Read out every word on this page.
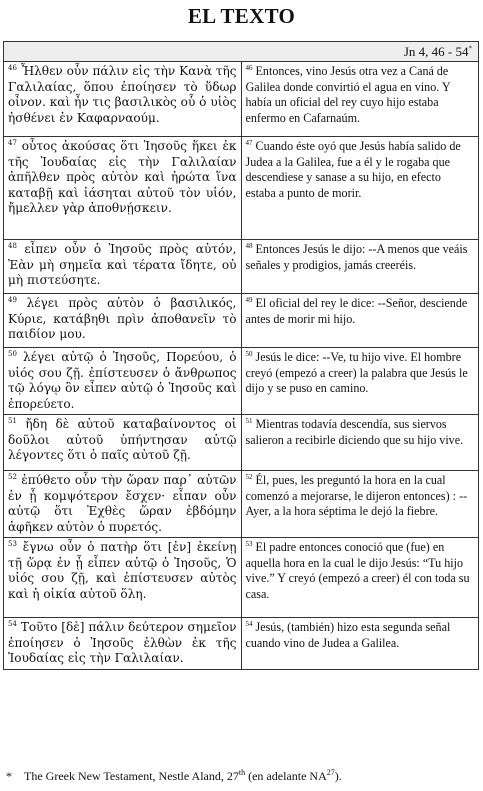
EL TEXTO
Jn 4, 46 - 54*
$^{46}$ Ἦλθεν οὖν πάλιν εἰς τὴν Κανὰ τῆς Γαλιλαίας, ὅπου ἐποίησεν τὸ ὕδωρ οἶνον. καὶ ἦν τις βασιλικὸς οὗ ὁ υἱὸς ἠσθένει ἐν Καφαρναούμ.	$^{46}$ Entonces, vino Jesús otra vez a Caná de Galilea donde convirtió el agua en vino. Y había un oficial del rey cuyo hijo estaba enfermo en Cafarnaúm.
$^{47}$ οὗτος ἀκούσας ὅτι Ἰησοῦς ἥκει ἐκ τῆς Ἰουδαίας εἰς τὴν Γαλιλαίαν ἀπῆλθεν πρὸς αὐτὸν καὶ ἠρώτα ἵνα καταβῇ καὶ ἰάσηται αὐτοῦ τὸν υἱόν, ἤμελλεν γὰρ ἀποθνῄσκειν.	$^{47}$ Cuando éste oyó que Jesús había salido de Judea a la Galilea, fue a él y le rogaba que descendiese y sanase a su hijo, en efecto estaba a punto de morir.
$^{48}$ εἶπεν οὖν ὁ Ἰησοῦς πρὸς αὐτόν, Ἐὰν μὴ σημεῖα καὶ τέρατα ἴδητε, οὐ μὴ πιστεύσητε.	$^{48}$ Entonces Jesús le dijo: --A menos que veáis señales y prodigios, jamás creeréis.
$^{49}$ λέγει πρὸς αὐτὸν ὁ βασιλικός, Κύριε, κατάβηθι πρὶν ἀποθανεῖν τὸ παιδίον μου.	$^{49}$ El oficial del rey le dice: --Señor, desciende antes de morir mi hijo.
$^{50}$ λέγει αὐτῷ ὁ Ἰησοῦς, Πορεύου, ὁ υἱός σου ζῇ. ἐπίστευσεν ὁ ἄνθρωπος τῷ λόγῳ ὃν εἶπεν αὐτῷ ὁ Ἰησοῦς καὶ ἐπορεύετο.	$^{50}$ Jesús le dice: --Ve, tu hijo vive. El hombre creyó (empezó a creer) la palabra que Jesús le dijo y se puso en camino.
$^{51}$ ἤδη δὲ αὐτοῦ καταβαίνοντος οἱ δοῦλοι αὐτοῦ ὑπήντησαν αὐτῷ λέγοντες ὅτι ὁ παῖς αὐτοῦ ζῇ.	$^{51}$ Mientras todavía descendía, sus siervos salieron a recibirle diciendo que su hijo vive.
$^{52}$ ἐπύθετο οὖν τὴν ὥραν παρ᾽ αὐτῶν ἐν ᾗ κομψότερον ἔσχεν· εἶπαν οὖν αὐτῷ ὅτι Ἐχθὲς ὥραν ἑβδόμην ἀφῆκεν αὐτὸν ὁ πυρετός.	$^{52}$ Él, pues, les preguntó la hora en la cual comenzó a mejorarse, le dijeron entonces) : --Ayer, a la hora séptima le dejó la fiebre.
$^{53}$ ἔγνω οὖν ὁ πατὴρ ὅτι [ἐν] ἐκείνῃ τῇ ὥρᾳ ἐν ᾗ εἶπεν αὐτῷ ὁ Ἰησοῦς, Ὁ υἱός σου ζῇ, καὶ ἐπίστευσεν αὐτὸς καὶ ἡ οἰκία αὐτοῦ ὅλη.	$^{53}$ El padre entonces conoció que (fue) en aquella hora en la cual le dijo Jesús: “Tu hijo vive.” Y creyó (empezó a creer) él con toda su casa.
$^{54}$ Τοῦτο [δὲ] πάλιν δεύτερον σημεῖον ἐποίησεν ὁ Ἰησοῦς ἐλθὼν ἐκ τῆς Ἰουδαίας εἰς τὴν Γαλιλαίαν.	$^{54}$ Jesús, (también) hizo esta segunda señal cuando vino de Judea a Galilea.
* The Greek New Testament, Nestle Aland, 27th (en adelante NA$^{27}$).
